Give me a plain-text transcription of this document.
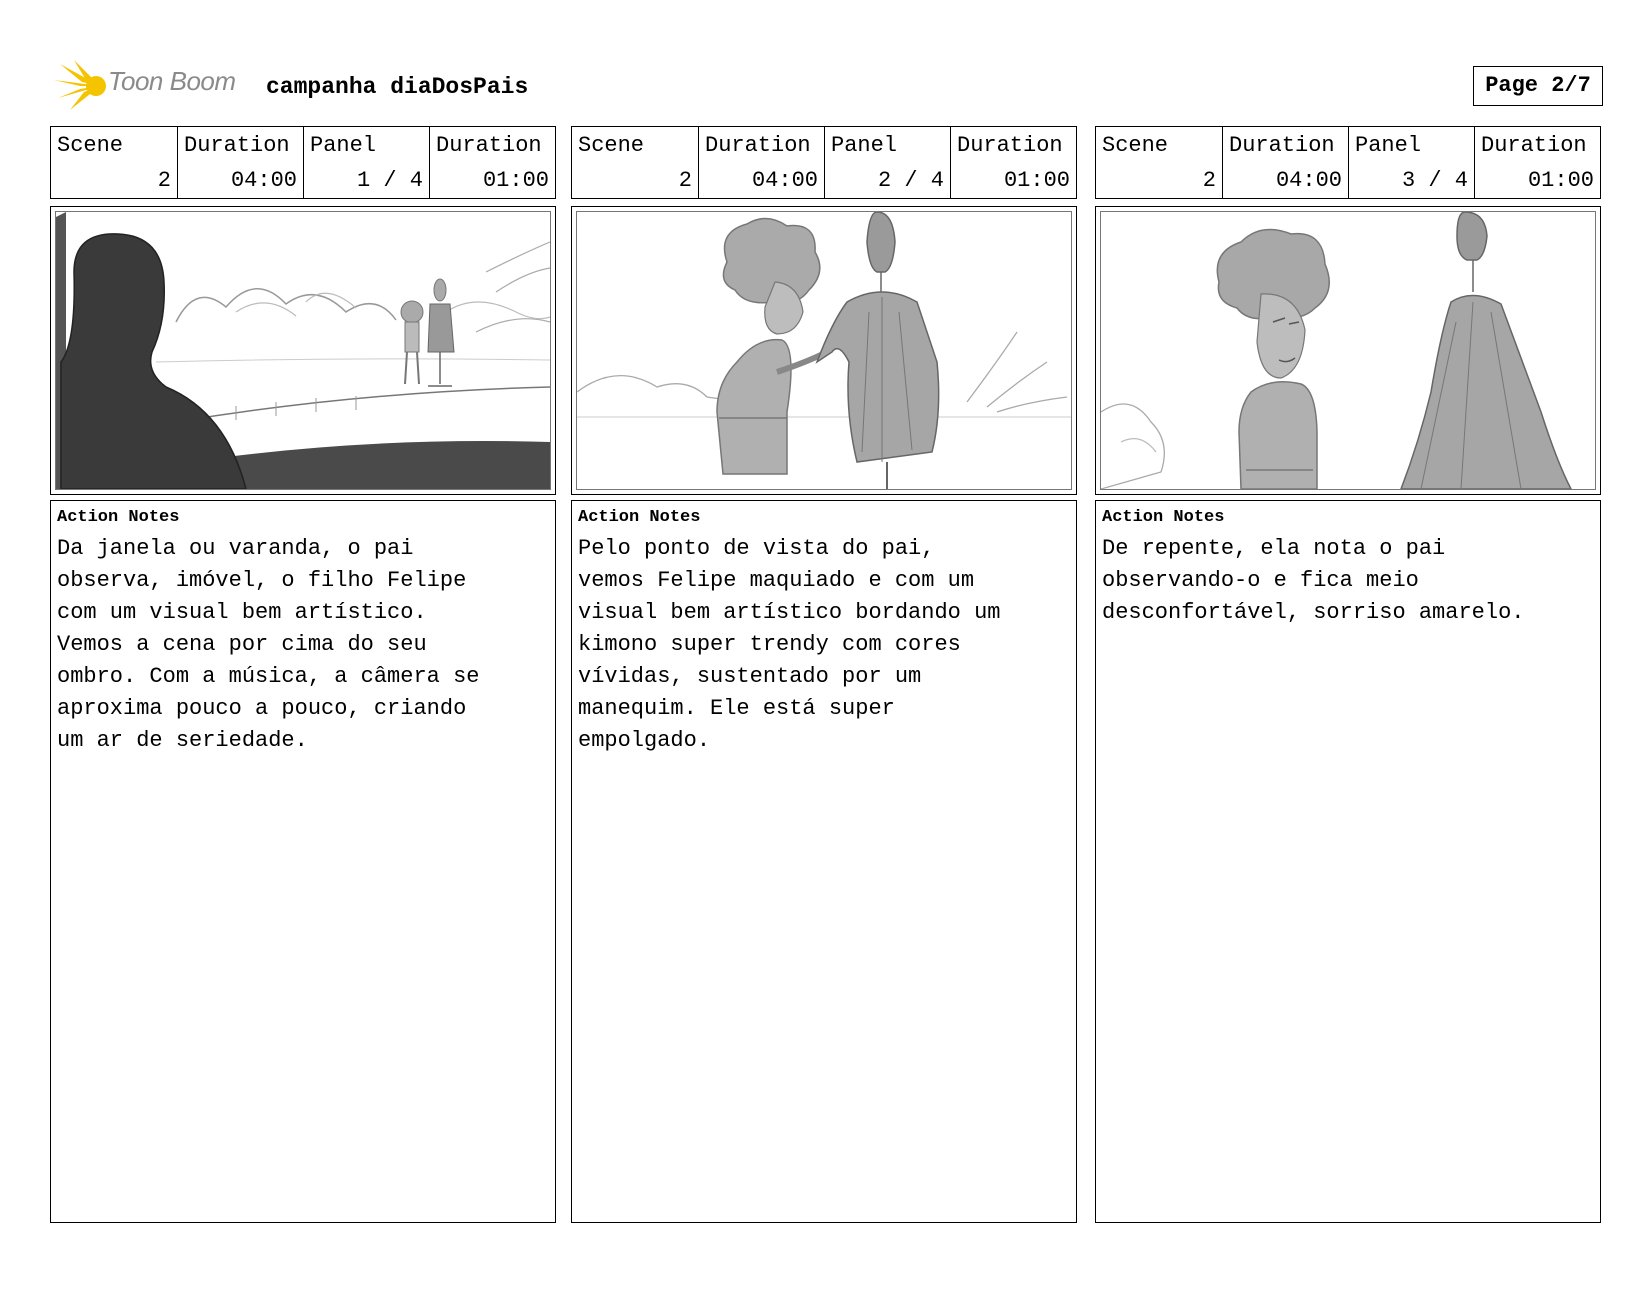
Toon Boom campanha diaDosPais	Page 2/7
Scene
2
Duration
04:00
Panel
1 / 4
Duration
01:00
Action Notes
Da janela ou varanda, o pai
observa, imóvel, o filho Felipe
com um visual bem artístico.
Vemos a cena por cima do seu
ombro. Com a música, a câmera se
aproxima pouco a pouco, criando
um ar de seriedade.
Scene
2
Duration
04:00
Panel
2 / 4
Duration
01:00
Action Notes
Pelo ponto de vista do pai,
vemos Felipe maquiado e com um
visual bem artístico bordando um
kimono super trendy com cores
vívidas, sustentado por um
manequim. Ele está super
empolgado.
Scene
2
Duration
04:00
Panel
3 / 4
Duration
01:00
Action Notes
De repente, ela nota o pai
observando-o e fica meio
desconfortável, sorriso amarelo.
